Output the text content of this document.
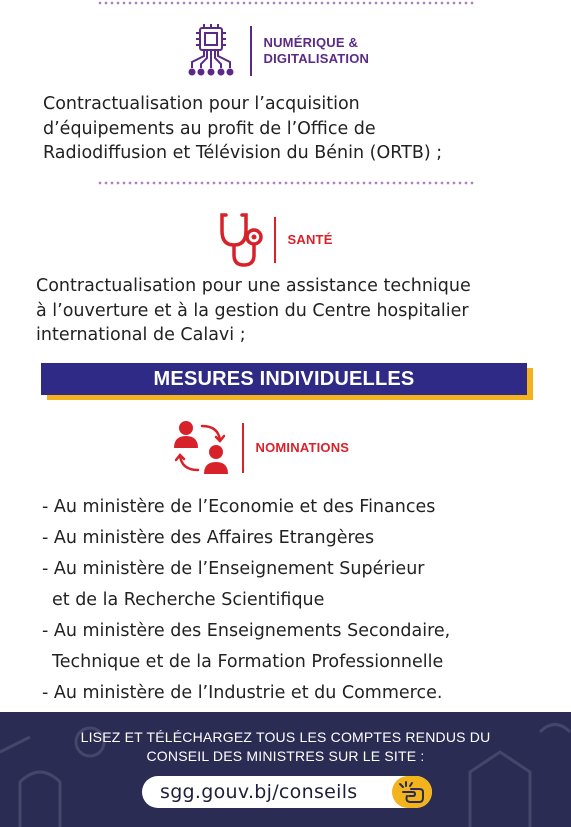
NUMÉRIQUE &
DIGITALISATION
Contractualisation pour l’acquisition
d’équipements au profit de l’Office de
Radiodiffusion et Télévision du Bénin (ORTB) ;
SANTÉ
Contractualisation pour une assistance technique
à l’ouverture et à la gestion du Centre hospitalier
international de Calavi ;
MESURES INDIVIDUELLES
NOMINATIONS
- Au ministère de l’Economie et des Finances
- Au ministère des Affaires Etrangères
- Au ministère de l’Enseignement Supérieur
et de la Recherche Scientifique
- Au ministère des Enseignements Secondaire,
Technique et de la Formation Professionnelle
- Au ministère de l’Industrie et du Commerce.
LISEZ ET TÉLÉCHARGEZ TOUS LES COMPTES RENDUS DU
CONSEIL DES MINISTRES SUR LE SITE :
sgg.gouv.bj/conseils
